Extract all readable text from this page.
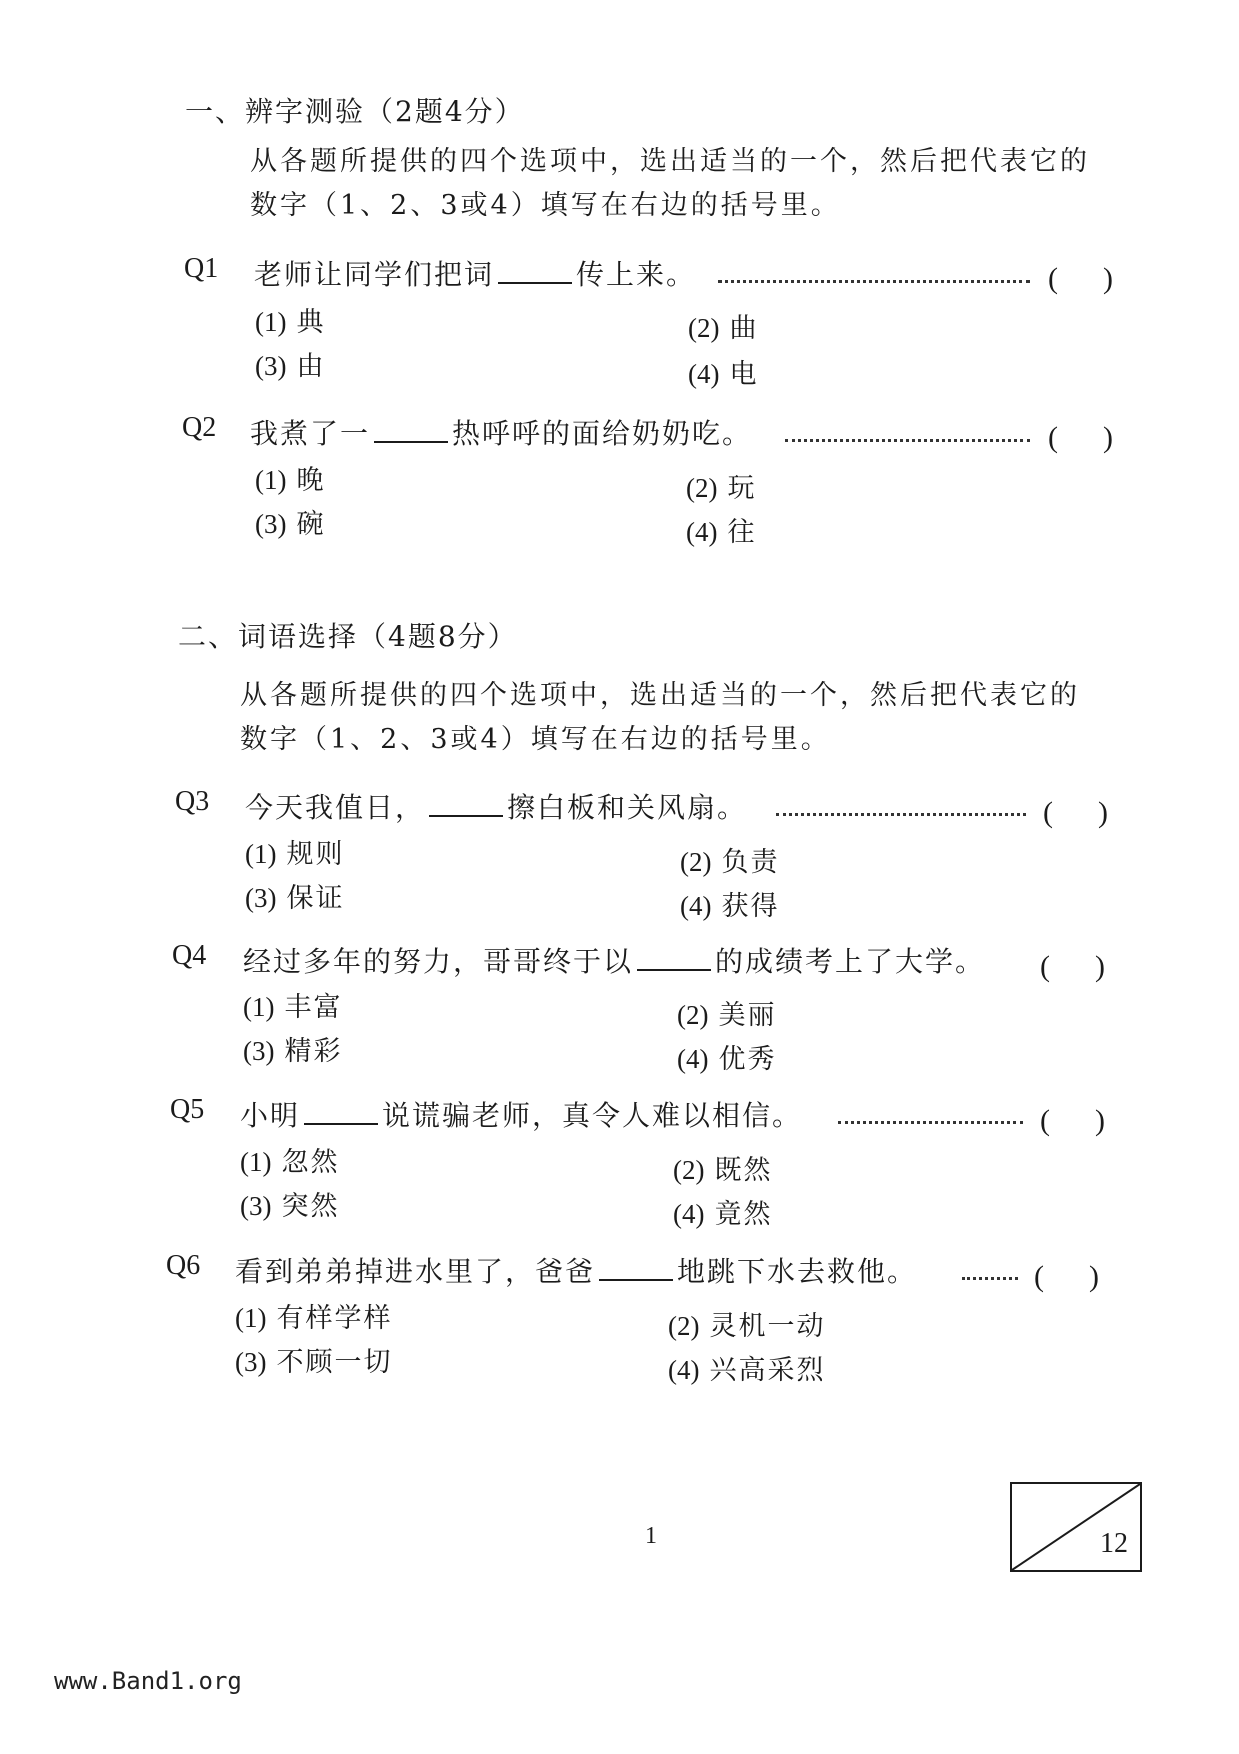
一、辨字测验（2题4分）
从各题所提供的四个选项中，选出适当的一个，然后把代表它的
数字（1、2、3或4）填写在右边的括号里。
Q1 老师让同学们把词	传上来。	(      )
(1) 典	(2) 曲
(3) 由	(4) 电
Q2 我煮了一	热呼呼的面给奶奶吃。	(      )
(1) 晚	(2) 玩
(3) 碗	(4) 往
二、词语选择（4题8分）
从各题所提供的四个选项中，选出适当的一个，然后把代表它的
数字（1、2、3或4）填写在右边的括号里。
Q3 今天我值日，	擦白板和关风扇。	(      )
(1) 规则	(2) 负责
(3) 保证	(4) 获得
Q4 经过多年的努力，哥哥终于以	的成绩考上了大学。 (      )
(1) 丰富	(2) 美丽
(3) 精彩	(4) 优秀
Q5 小明	说谎骗老师，真令人难以相信。	(      )
(1) 忽然	(2) 既然
(3) 突然	(4) 竟然
Q6 看到弟弟掉进水里了，爸爸	地跳下水去救他。	(      )
(1) 有样学样	(2) 灵机一动
(3) 不顾一切	(4) 兴高采烈
1	12
www.Band1.org
